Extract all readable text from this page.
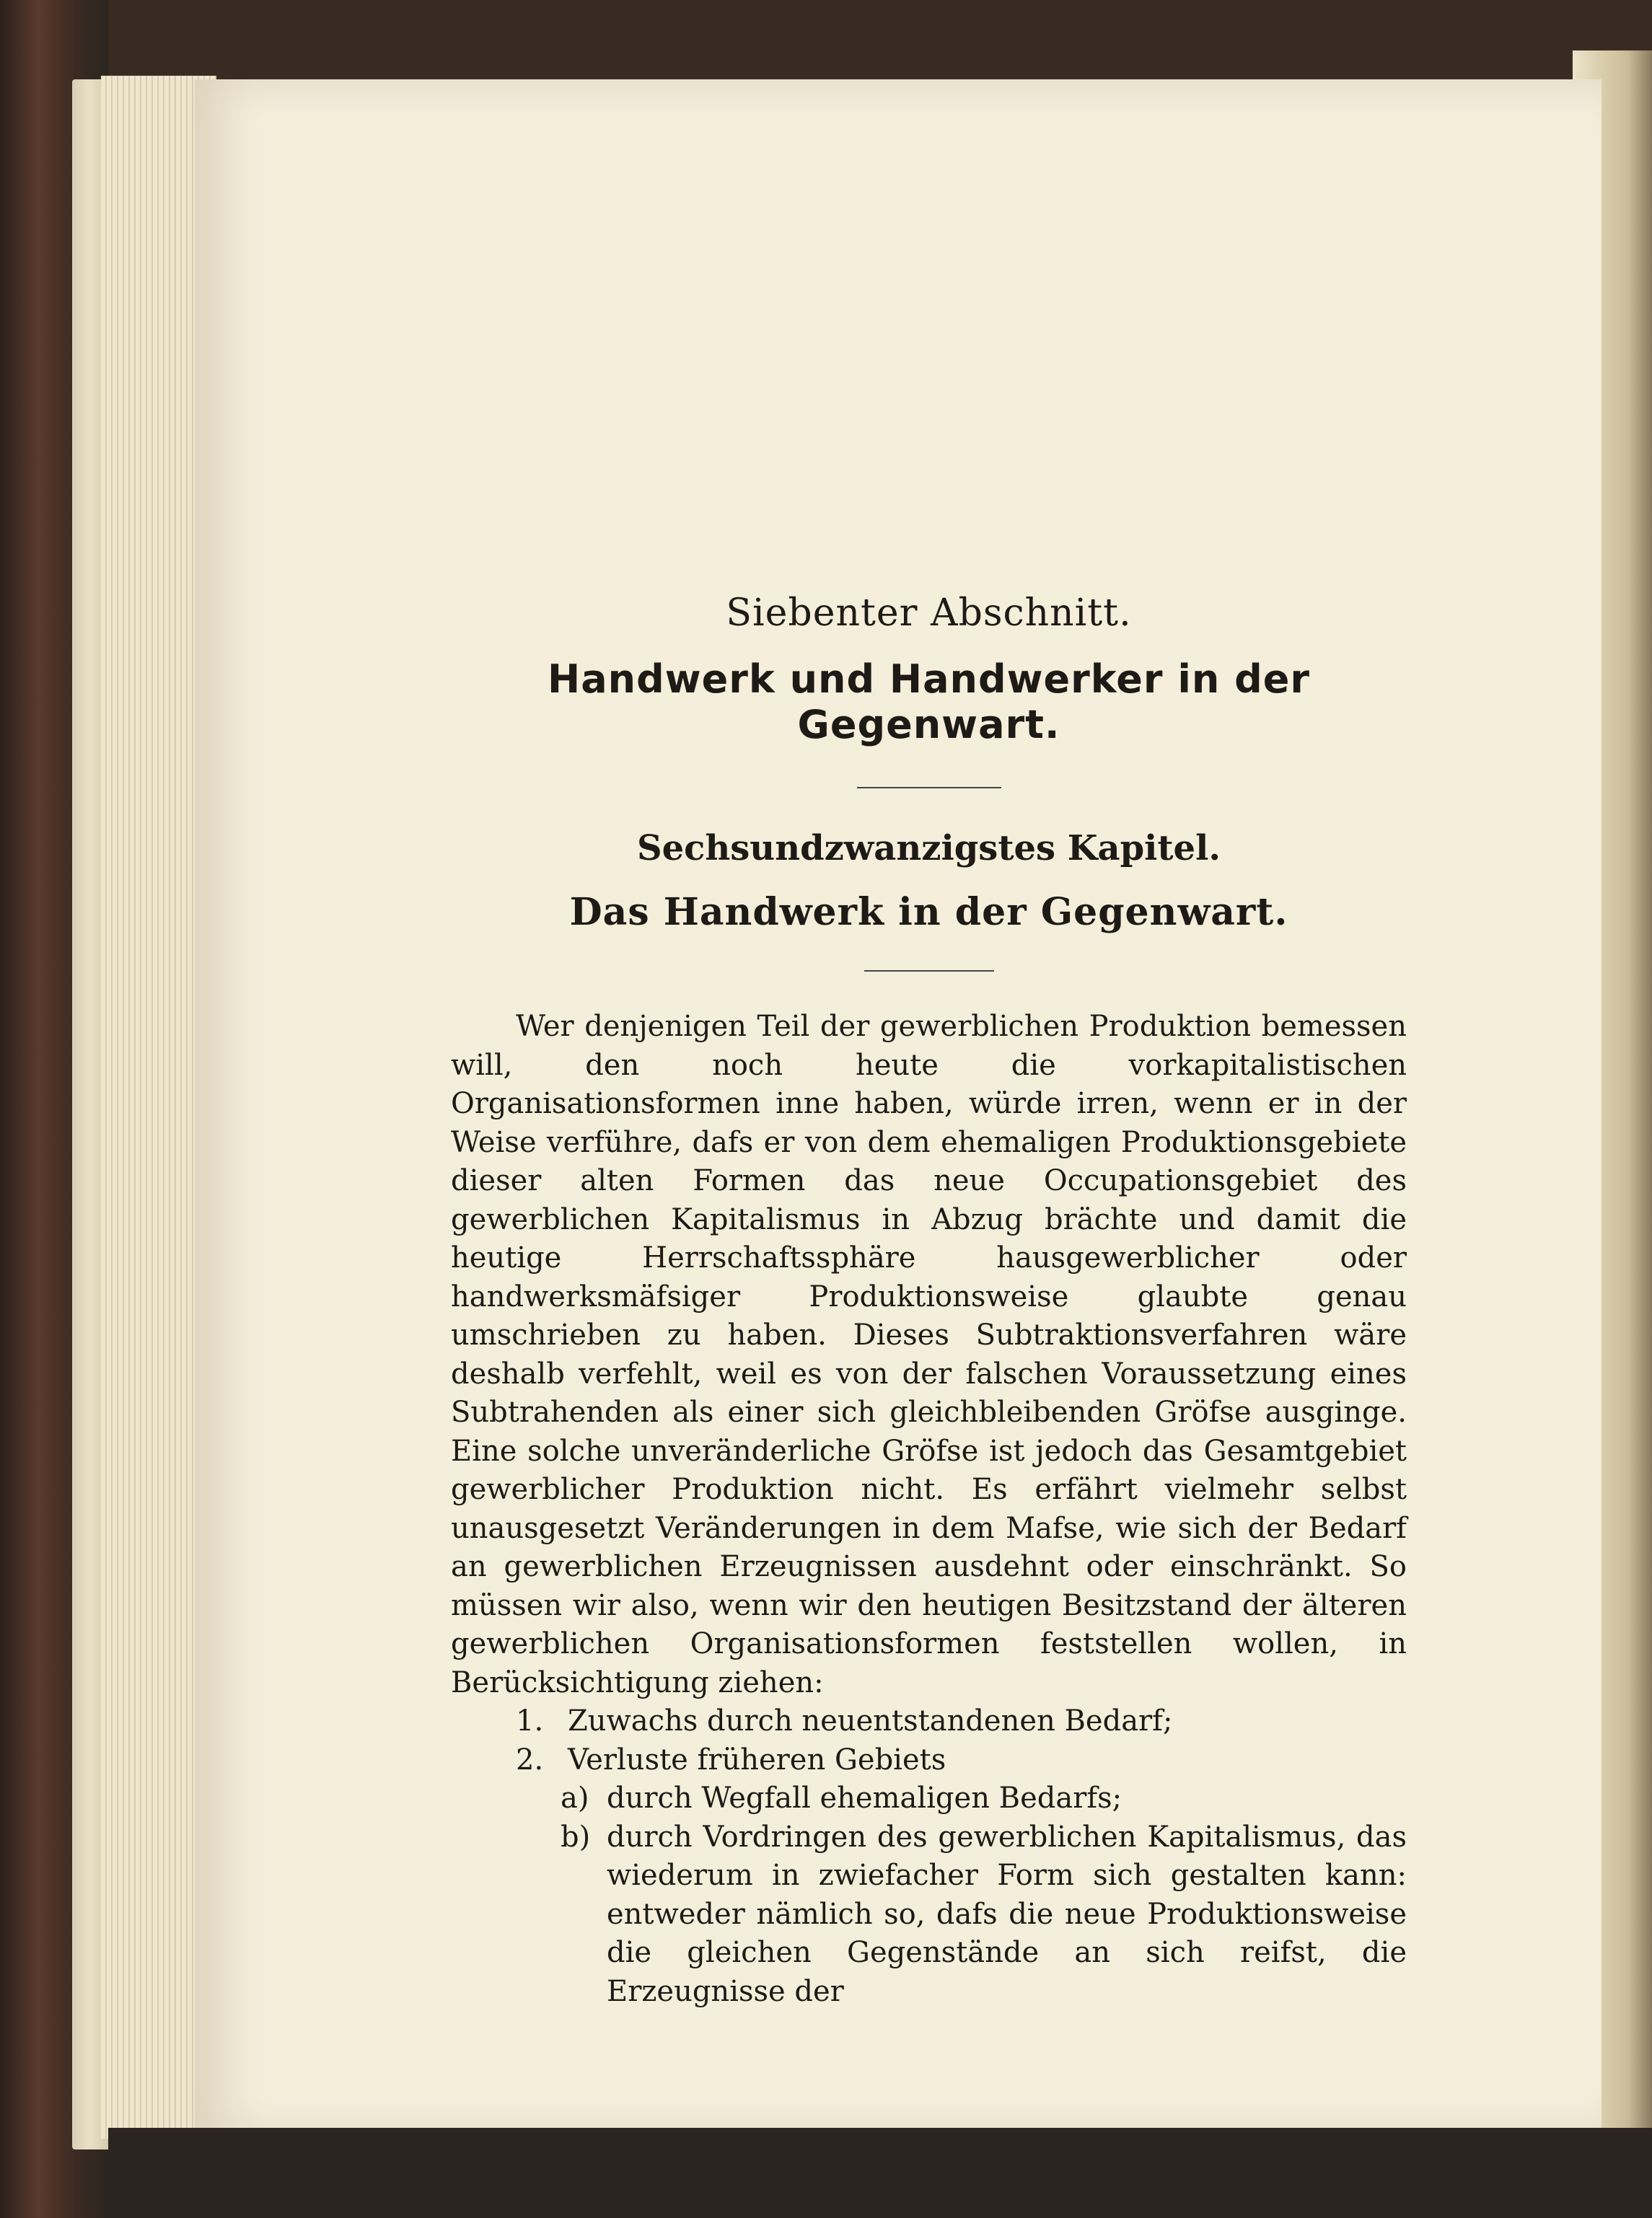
Siebenter Abschnitt.
Handwerk und Handwerker in der Gegenwart.
Sechsundzwanzigstes Kapitel.
Das Handwerk in der Gegenwart.

Wer denjenigen Teil der gewerblichen Produktion bemessen will, den noch heute die vorkapitalistischen Organisationsformen inne haben, würde irren, wenn er in der Weise verführe, dafs er von dem ehemaligen Produktionsgebiete dieser alten Formen das neue Occupationsgebiet des gewerblichen Kapitalismus in Abzug brächte und damit die heutige Herrschaftssphäre hausgewerblicher oder handwerksmäfsiger Produktionsweise glaubte genau umschrieben zu haben. Dieses Subtraktionsverfahren wäre deshalb verfehlt, weil es von der falschen Voraussetzung eines Subtrahenden als einer sich gleichbleibenden Gröfse ausginge. Eine solche unveränderliche Gröfse ist jedoch das Gesamtgebiet gewerblicher Produktion nicht. Es erfährt vielmehr selbst unausgesetzt Veränderungen in dem Mafse, wie sich der Bedarf an gewerblichen Erzeugnissen ausdehnt oder einschränkt. So müssen wir also, wenn wir den heutigen Besitzstand der älteren gewerblichen Organisationsformen feststellen wollen, in Berücksichtigung ziehen:

1. Zuwachs durch neuentstandenen Bedarf;
2. Verluste früheren Gebiets
a) durch Wegfall ehemaligen Bedarfs;
b) durch Vordringen des gewerblichen Kapitalismus, das wiederum in zwiefacher Form sich gestalten kann: entweder nämlich so, dafs die neue Produktionsweise die gleichen Gegenstände an sich reifst, die Erzeugnisse der
